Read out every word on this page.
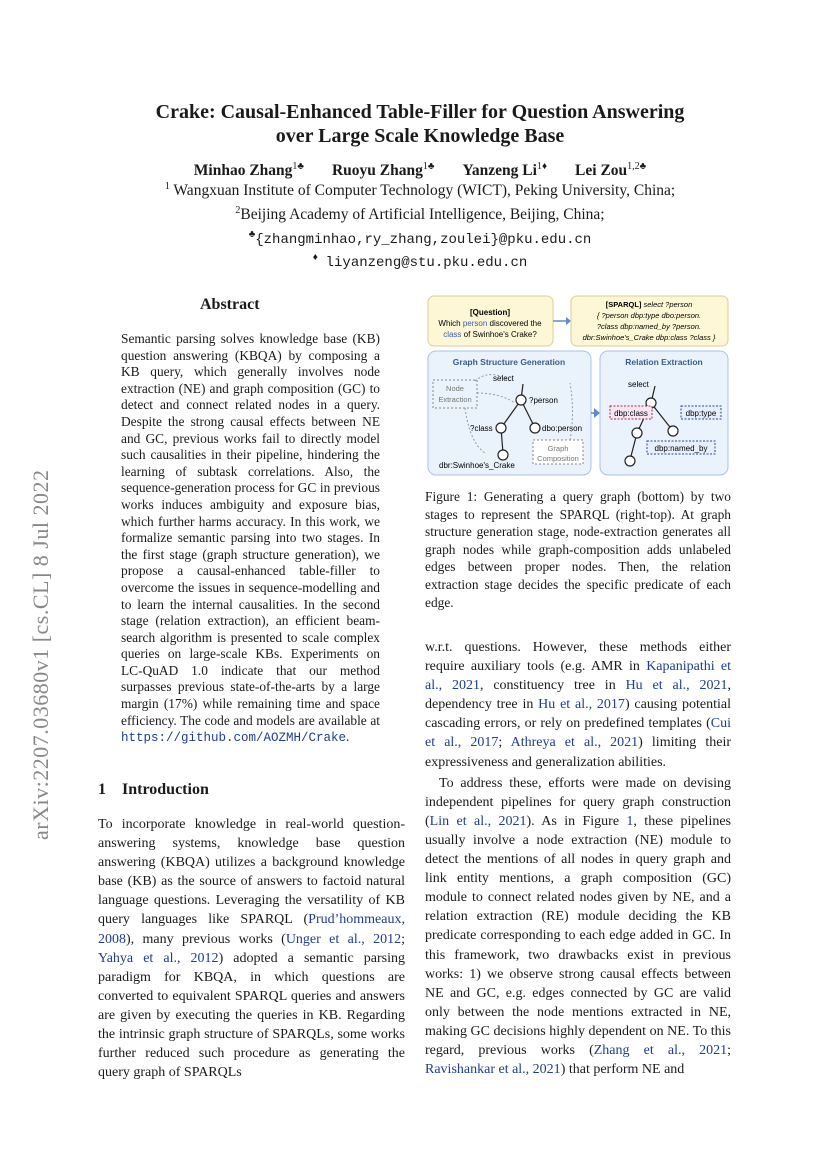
arXiv:2207.03680v1 [cs.CL] 8 Jul 2022
Crake: Causal-Enhanced Table-Filler for Question Answering
over Large Scale Knowledge Base
Minhao Zhang$^{1♣}$ Ruoyu Zhang$^{1♣}$ Yanzeng $Li^{1♦}$ Lei Zou$^{1,2♣}$
$^1$ Wangxuan Institute of Computer Technology (WICT), Peking University, China;
$^2$Beijing Academy of Artificial Intelligence, Beijing, China;
♣{zhangminhao,ry_zhang,zoulei}@pku.edu.cn
♦ liyanzeng@stu.pku.edu.cn
Abstract
Semantic parsing solves knowledge base (KB) question answering (KBQA) by composing a KB query, which generally involves node extraction (NE) and graph composition (GC) to detect and connect related nodes in a query. Despite the strong causal effects between NE and GC, previous works fail to directly model such causalities in their pipeline, hindering the learning of subtask correlations. Also, the sequence-generation process for GC in previous works induces ambiguity and exposure bias, which further harms accuracy. In this work, we formalize semantic parsing into two stages. In the first stage (graph structure generation), we propose a causal-enhanced table-filler to overcome the issues in sequence-modelling and to learn the internal causalities. In the second stage (relation extraction), an efficient beam-search algorithm is presented to scale complex queries on large-scale KBs. Experiments on LC-QuAD 1.0 indicate that our method surpasses previous state-of-the-arts by a large margin (17%) while remaining time and space efficiency. The code and models are available at https://github.com/AOZMH/Crake.
1 Introduction
To incorporate knowledge in real-world question-answering systems, knowledge base question answering (KBQA) utilizes a background knowledge base (KB) as the source of answers to factoid natural language questions. Leveraging the versatility of KB query languages like SPARQL (Prud’hommeaux, 2008), many previous works (Unger et al., 2012; Yahya et al., 2012) adopted a semantic parsing paradigm for KBQA, in which questions are converted to equivalent SPARQL queries and answers are given by executing the queries in KB. Regarding the intrinsic graph structure of SPARQLs, some works further reduced such procedure as generating the query graph of SPARQLs

w.r.t. questions. However, these methods either require auxiliary tools (e.g. AMR in Kapanipathi et al., 2021, constituency tree in Hu et al., 2021, dependency tree in Hu et al., 2017) causing potential cascading errors, or rely on predefined templates (Cui et al., 2017; Athreya et al., 2021) limiting their expressiveness and generalization abilities.

To address these, efforts were made on devising independent pipelines for query graph construction (Lin et al., 2021). As in Figure 1, these pipelines usually involve a node extraction (NE) module to detect the mentions of all nodes in query graph and link entity mentions, a graph composition (GC) module to connect related nodes given by NE, and a relation extraction (RE) module deciding the KB predicate corresponding to each edge added in GC. In this framework, two drawbacks exist in previous works: 1) we observe strong causal effects between NE and GC, e.g. edges connected by GC are valid only between the node mentions extracted in NE, making GC decisions highly dependent on NE. To this regard, previous works (Zhang et al., 2021; Ravishankar et al., 2021) that perform NE and

[Question]
Which person discovered the
class of Swinhoe's Crake?
[SPARQL] select ?person
{ ?person dbp:type dbo:person.
?class dbp:named_by ?person.
dbr:Swinhoe's_Crake dbp:class ?class }
Graph Structure Generation
Node
Extraction
select
?person
?class	dbo:person
dbr:Swinhoe's_Crake
Graph
Composition
Relation Extraction
select
dbp:class	dbp:type
dbp:named_by
Figure 1: Generating a query graph (bottom) by two stages to represent the SPARQL (right-top). At graph structure generation stage, node-extraction generates all graph nodes while graph-composition adds unlabeled edges between proper nodes. Then, the relation extraction stage decides the specific predicate of each edge.
